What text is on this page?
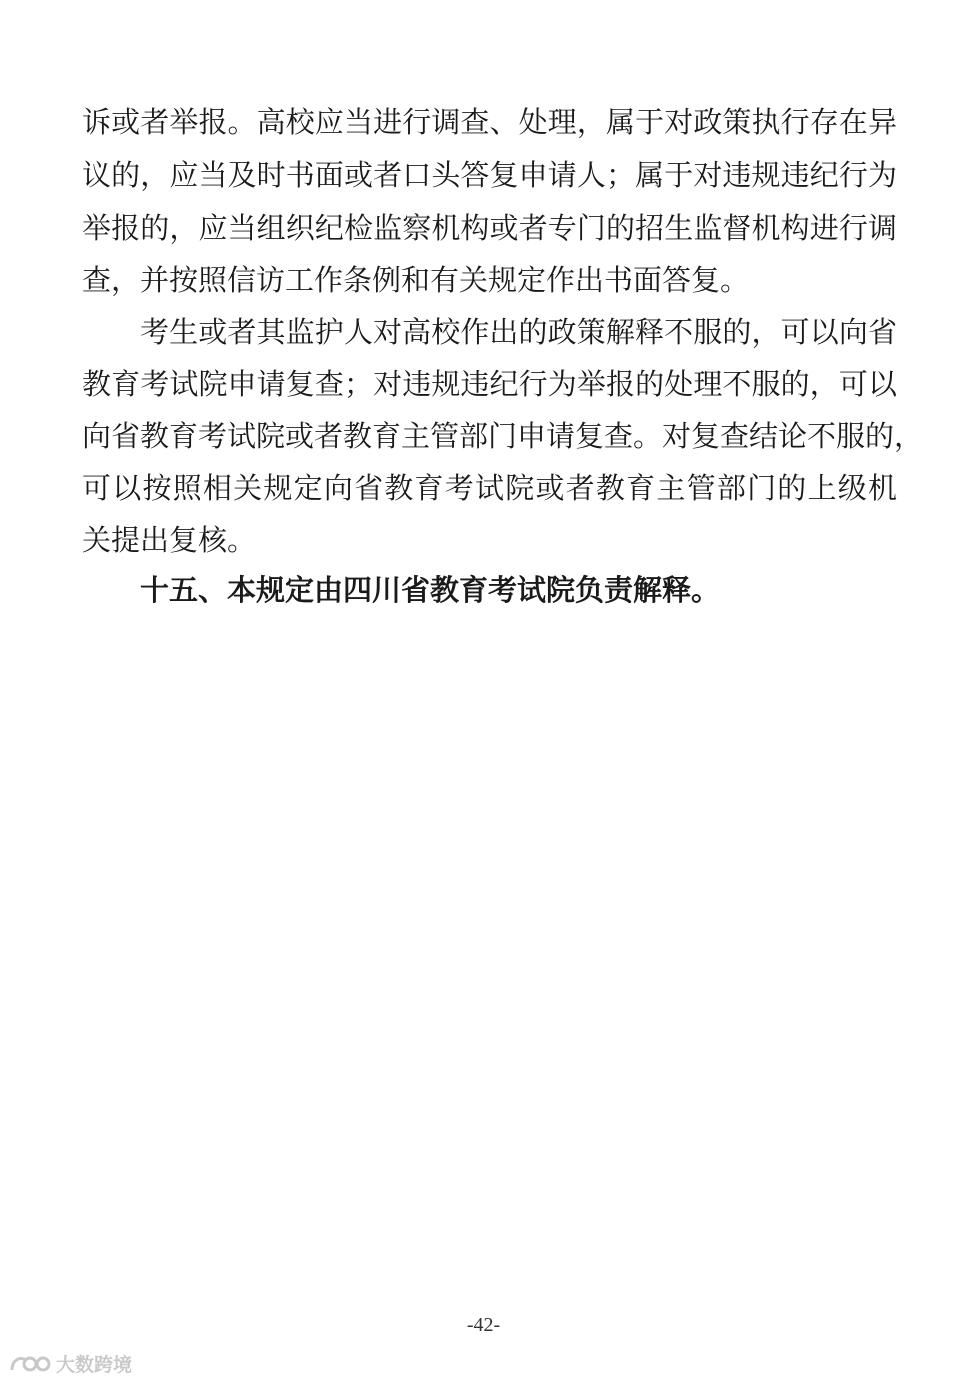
诉或者举报。高校应当进行调查、处理，属于对政策执行存在异
议的，应当及时书面或者口头答复申请人；属于对违规违纪行为
举报的，应当组织纪检监察机构或者专门的招生监督机构进行调
查，并按照信访工作条例和有关规定作出书面答复。
考生或者其监护人对高校作出的政策解释不服的，可以向省
教育考试院申请复查；对违规违纪行为举报的处理不服的，可以
向省教育考试院或者教育主管部门申请复查。对复查结论不服的，
可以按照相关规定向省教育考试院或者教育主管部门的上级机
关提出复核。
十五、本规定由四川省教育考试院负责解释。
-42-
大数跨境
